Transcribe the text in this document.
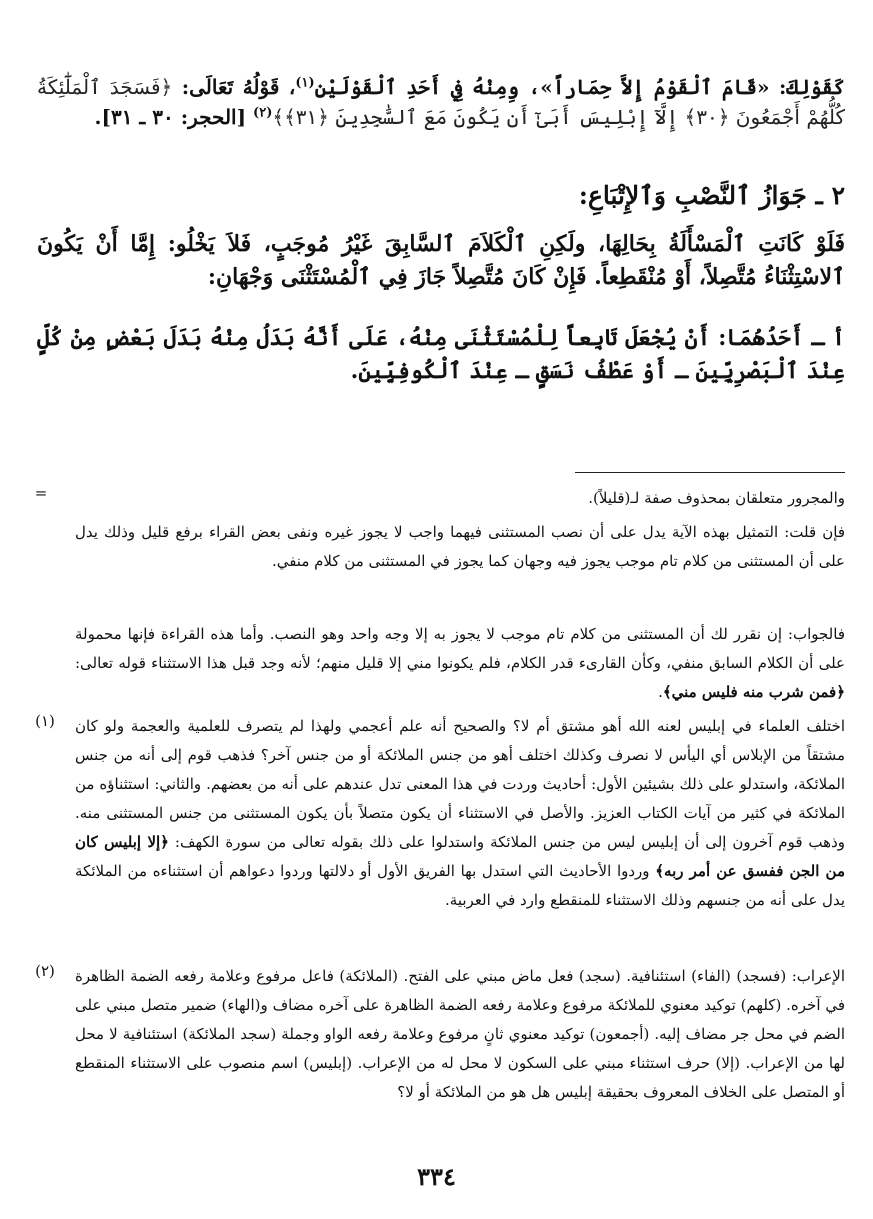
كَقَوْلِكَ: «قَامَ ٱلْقَوْمُ إِلاَّ حِمَاراً»، وِمِنْهُ فِي أَحَدِ ٱلْقَوْلَيْنِ$^{(١)}$، قَوْلُهُ تَعَالَى: ﴿فَسَجَدَ ٱلْمَلَٰٓئِكَةُ كُلُّهُمْ أَجْمَعُونَ ﴿٣٠﴾ إِلَّآ إِبْلِيسَ أَبَىٰٓ أَن يَكُونَ مَعَ ٱلسَّٰجِدِينَ ﴿٣١﴾﴾$^{(٢)}$ [الحجر: ٣٠ ـ ٣١].

٢ ـ جَوَازُ ٱلنَّصْبِ وَٱلإِتْبَاعِ:

فَلَوْ كَانَتِ ٱلْمَسْأَلَةُ بِحَالِهَا، ولَكِنِ ٱلْكَلاَمَ ٱلسَّابِقَ غَيْرُ مُوجَبٍ، فَلاَ يَخْلُو: إِمَّا أَنْ يَكُونَ ٱلاسْتِثْنَاءُ مُتَّصِلاً، أَوْ مُنْقَطِعاً. فَإِنْ كَانَ مُتَّصِلاً جَازَ فِي ٱلْمُسْتَثْنَى وَجْهَانِ:

أ ـ أَحَدُهُمَا: أَنْ يُجْعَلَ تَابِعاً لِلْمُسْتَثْنَى مِنْهُ، عَلَى أَنَّهُ بَدَلُ مِنْهُ بَدَلَ بَعْضٍ مِنْ كُلٍّ عِنْدَ ٱلْبَصْرِيِّينَ ـ أَوْ عَطْفُ نَسَقٍ ـ عِنْدَ ٱلْكُوفِيِّينَ.

=	والمجرور متعلقان بمحذوف صفة لـ(قليلاً).

فإن قلت: التمثيل بهذه الآية يدل على أن نصب المستثنى فيهما واجب لا يجوز غيره ونفى بعض القراء برفع قليل وذلك يدل على أن المستثنى من كلام تام موجب يجوز فيه وجهان كما يجوز في المستثنى من كلام منفي.

فالجواب: إن نقرر لك أن المستثنى من كلام تام موجب لا يجوز به إلا وجه واحد وهو النصب. وأما هذه القراءة فإنها محمولة على أن الكلام السابق منفي، وكأن القارىء قدر الكلام، فلم يكونوا مني إلا قليل منهم؛ لأنه وجد قبل هذا الاستثناء قوله تعالى: ﴿فمن شرب منه فليس مني﴾.

(١)	اختلف العلماء في إبليس لعنه الله أهو مشتق أم لا؟ والصحيح أنه علم أعجمي ولهذا لم يتصرف للعلمية والعجمة ولو كان مشتقاً من الإبلاس أي اليأس لا نصرف وكذلك اختلف أهو من جنس الملائكة أو من جنس آخر؟ فذهب قوم إلى أنه من جنس الملائكة، واستدلو على ذلك بشيئين الأول: أحاديث وردت في هذا المعنى تدل عندهم على أنه من بعضهم. والثاني: استثناؤه من الملائكة في كثير من آيات الكتاب العزيز. والأصل في الاستثناء أن يكون متصلاً بأن يكون المستثنى من جنس المستثنى منه. وذهب قوم آخرون إلى أن إبليس ليس من جنس الملائكة واستدلوا على ذلك بقوله تعالى من سورة الكهف: ﴿إلا إبليس كان من الجن ففسق عن أمر ربه﴾ وردوا الأحاديث التي استدل بها الفريق الأول أو دلالتها وردوا دعواهم أن استثناءه من الملائكة يدل على أنه من جنسهم وذلك الاستثناء للمنقطع وارد في العربية.

(٢)	الإعراب: (فسجد) (الفاء) استئنافية. (سجد) فعل ماض مبني على الفتح. (الملائكة) فاعل مرفوع وعلامة رفعه الضمة الظاهرة في آخره. (كلهم) توكيد معنوي للملائكة مرفوع وعلامة رفعه الضمة الظاهرة على آخره مضاف و(الهاء) ضمير متصل مبني على الضم في محل جر مضاف إليه. (أجمعون) توكيد معنوي ثانٍ مرفوع وعلامة رفعه الواو وجملة (سجد الملائكة) استئنافية لا محل لها من الإعراب. (إلا) حرف استثناء مبني على السكون لا محل له من الإعراب. (إبليس) اسم منصوب على الاستثناء المنقطع أو المتصل على الخلاف المعروف بحقيقة إبليس هل هو من الملائكة أو لا؟

٣٣٤
